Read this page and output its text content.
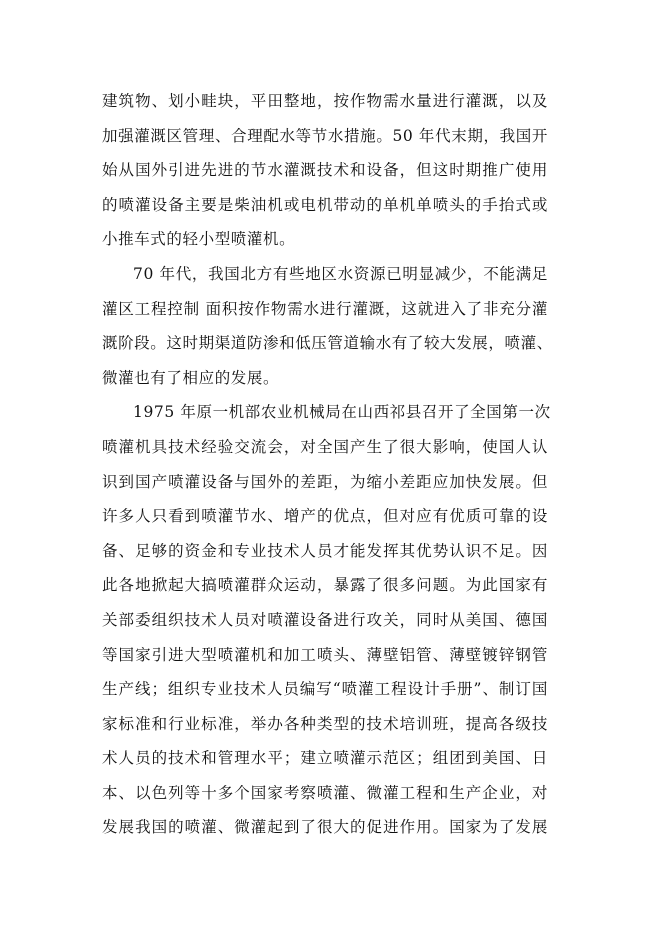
建筑物、划小畦块，平田整地，按作物需水量进行灌溉，以及
加强灌溉区管理、合理配水等节水措施。50 年代末期，我国开
始从国外引进先进的节水灌溉技术和设备，但这时期推广使用
的喷灌设备主要是柴油机或电机带动的单机单喷头的手抬式或
小推车式的轻小型喷灌机。
70 年代，我国北方有些地区水资源已明显减少，不能满足
灌区工程控制 面积按作物需水进行灌溉，这就进入了非充分灌
溉阶段。这时期渠道防渗和低压管道输水有了较大发展，喷灌、
微灌也有了相应的发展。
1975 年原一机部农业机械局在山西祁县召开了全国第一次
喷灌机具技术经验交流会，对全国产生了很大影响，使国人认
识到国产喷灌设备与国外的差距，为缩小差距应加快发展。但
许多人只看到喷灌节水、增产的优点，但对应有优质可靠的设
备、足够的资金和专业技术人员才能发挥其优势认识不足。因
此各地掀起大搞喷灌群众运动，暴露了很多问题。为此国家有
关部委组织技术人员对喷灌设备进行攻关，同时从美国、德国
等国家引进大型喷灌机和加工喷头、薄壁铝管、薄壁镀锌钢管
生产线；组织专业技术人员编写“喷灌工程设计手册”、制订国
家标准和行业标准，举办各种类型的技术培训班，提高各级技
术人员的技术和管理水平；建立喷灌示范区；组团到美国、日
本、以色列等十多个国家考察喷灌、微灌工程和生产企业，对
发展我国的喷灌、微灌起到了很大的促进作用。国家为了发展
